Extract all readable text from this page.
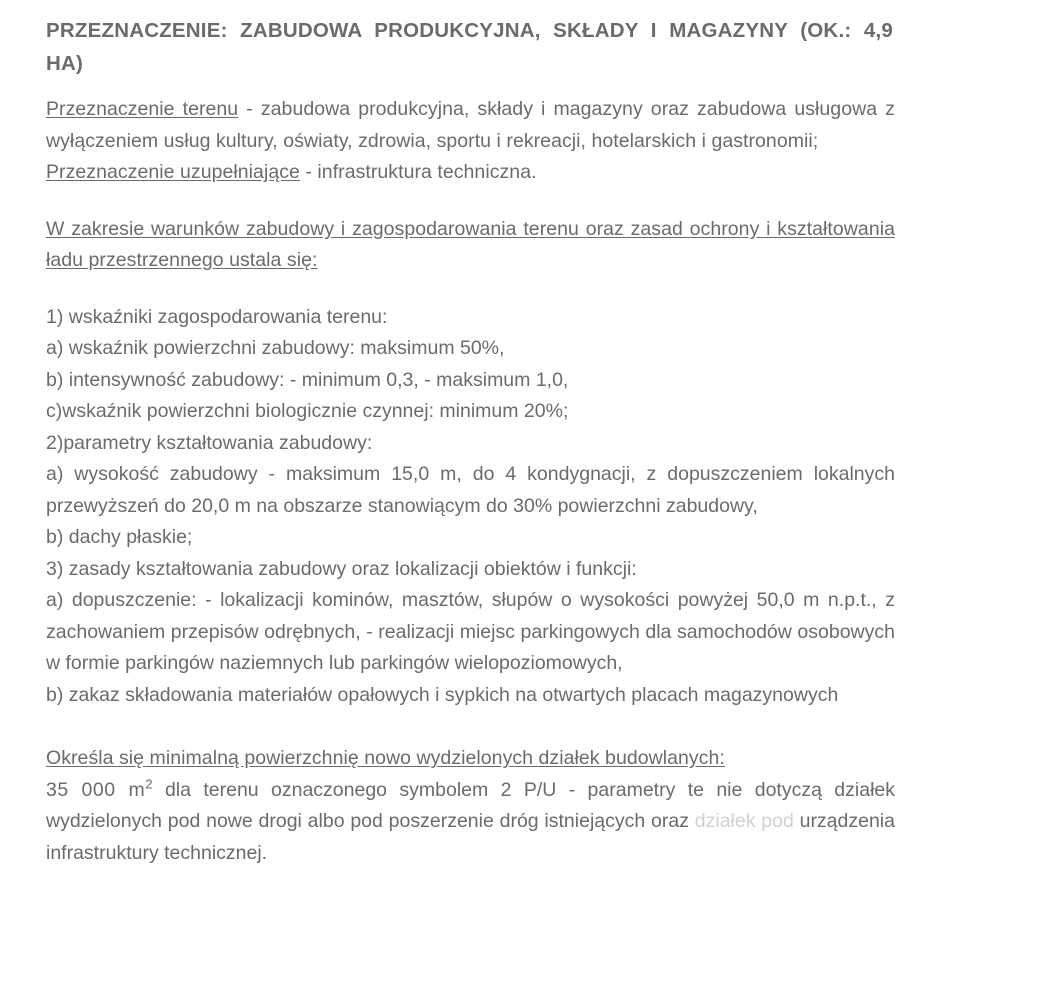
PRZEZNACZENIE: ZABUDOWA PRODUKCYJNA, SKŁADY I MAGAZYNY (OK.: 4,9 HA)
Przeznaczenie terenu - zabudowa produkcyjna, składy i magazyny oraz zabudowa usługowa z wyłączeniem usług kultury, oświaty, zdrowia, sportu i rekreacji, hotelarskich i gastronomii;
Przeznaczenie uzupełniające - infrastruktura techniczna.
W zakresie warunków zabudowy i zagospodarowania terenu oraz zasad ochrony i kształtowania ładu przestrzennego ustala się:
1) wskaźniki zagospodarowania terenu:
a) wskaźnik powierzchni zabudowy: maksimum 50%,
b) intensywność zabudowy: - minimum 0,3, - maksimum 1,0,
c)wskaźnik powierzchni biologicznie czynnej: minimum 20%;
2)parametry kształtowania zabudowy:
a) wysokość zabudowy - maksimum 15,0 m, do 4 kondygnacji, z dopuszczeniem lokalnych przewyższeń do 20,0 m na obszarze stanowiącym do 30% powierzchni zabudowy,
b) dachy płaskie;
3) zasady kształtowania zabudowy oraz lokalizacji obiektów i funkcji:
a) dopuszczenie: - lokalizacji kominów, masztów, słupów o wysokości powyżej 50,0 m n.p.t., z zachowaniem przepisów odrębnych, - realizacji miejsc parkingowych dla samochodów osobowych w formie parkingów naziemnych lub parkingów wielopoziomowych,
b) zakaz składowania materiałów opałowych i sypkich na otwartych placach magazynowych
Określa się minimalną powierzchnię nowo wydzielonych działek budowlanych:
35 000 $m^2$ dla terenu oznaczonego symbolem 2 P/U - parametry te nie dotyczą działek wydzielonych pod nowe drogi albo pod poszerzenie dróg istniejących oraz działek pod urządzenia infrastruktury technicznej.
